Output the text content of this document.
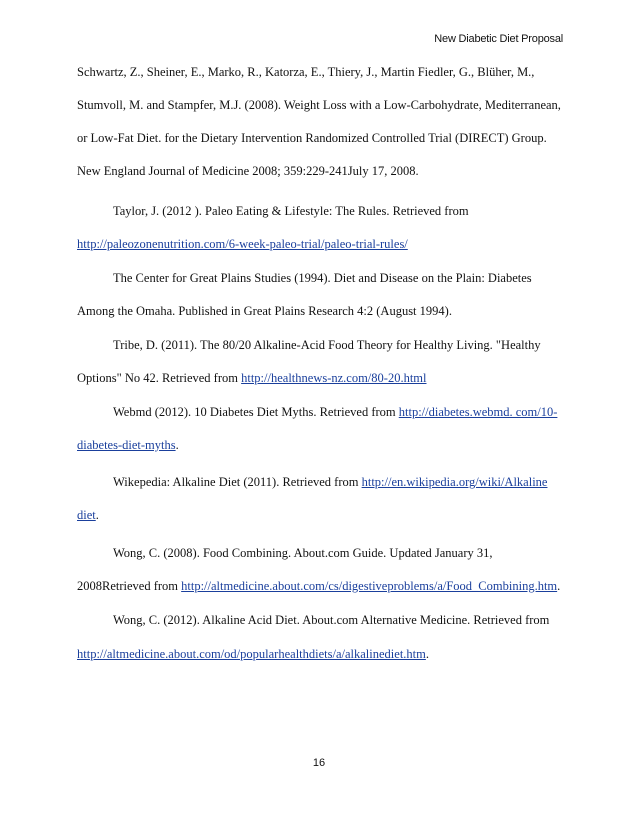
New Diabetic Diet Proposal
Schwartz, Z., Sheiner, E., Marko, R., Katorza, E., Thiery, J., Martin Fiedler, G., Blüher, M.,
Stumvoll, M. and Stampfer, M.J. (2008). Weight Loss with a Low-Carbohydrate, Mediterranean,
or Low-Fat Diet. for the Dietary Intervention Randomized Controlled Trial (DIRECT) Group.
New England Journal of Medicine 2008; 359:229-241July 17, 2008.
Taylor, J. (2012 ). Paleo Eating & Lifestyle: The Rules. Retrieved from
http://paleozonenutrition.com/6-week-paleo-trial/paleo-trial-rules/
The Center for Great Plains Studies (1994). Diet and Disease on the Plain: Diabetes
Among the Omaha. Published in Great Plains Research 4:2 (August 1994).
Tribe, D. (2011). The 80/20 Alkaline-Acid Food Theory for Healthy Living. "Healthy
Options" No 42. Retrieved from http://healthnews-nz.com/80-20.html
Webmd (2012). 10 Diabetes Diet Myths. Retrieved from http://diabetes.webmd. com/10-
diabetes-diet-myths.
Wikepedia: Alkaline Diet (2011). Retrieved from http://en.wikipedia.org/wiki/Alkaline
diet.
Wong, C. (2008). Food Combining. About.com Guide. Updated January 31,
2008Retrieved from http://altmedicine.about.com/cs/digestiveproblems/a/Food_Combining.htm.
Wong, C. (2012). Alkaline Acid Diet. About.com Alternative Medicine. Retrieved from
http://altmedicine.about.com/od/popularhealthdiets/a/alkalinediet.htm.
16
